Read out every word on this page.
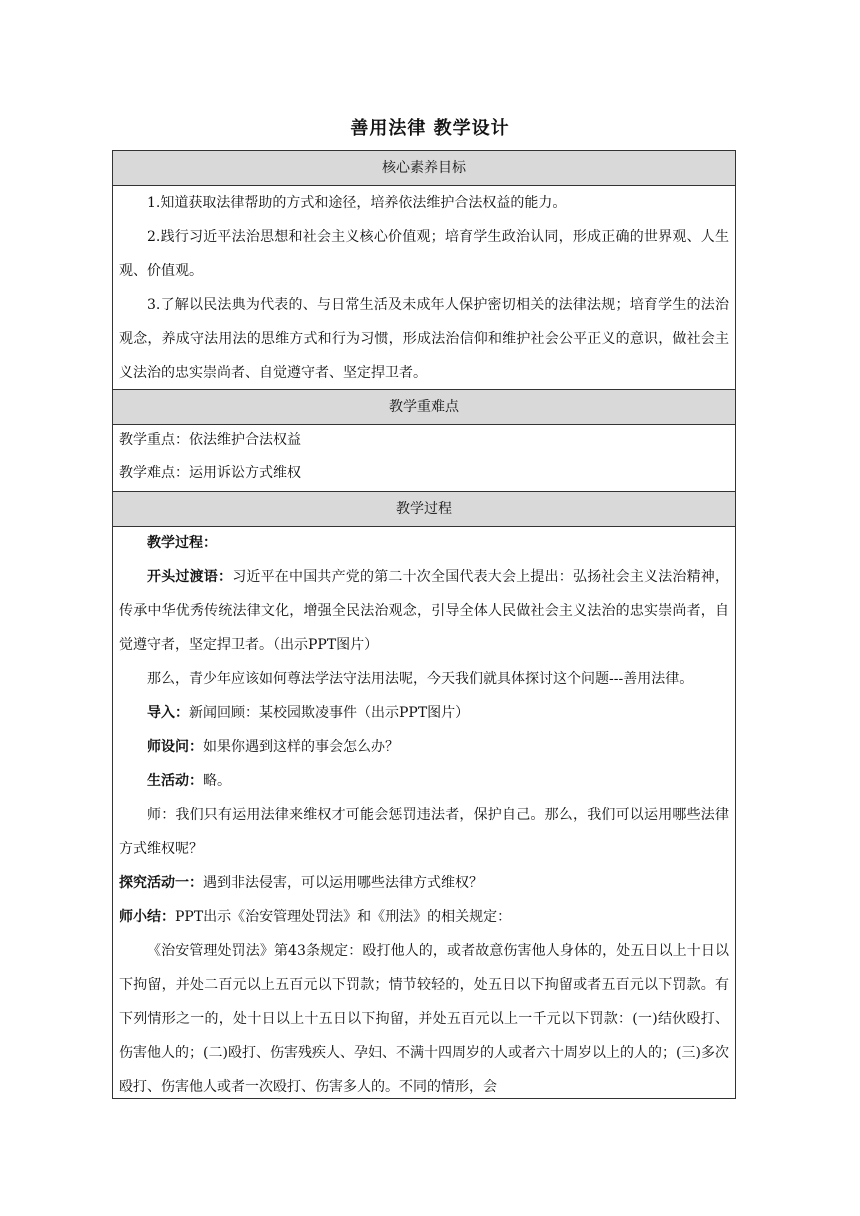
善用法律 教学设计
核心素养目标

1.知道获取法律帮助的方式和途径，培养依法维护合法权益的能力。

2.践行习近平法治思想和社会主义核心价值观；培育学生政治认同，形成正确的世界观、人生观、价值观。

3.了解以民法典为代表的、与日常生活及未成年人保护密切相关的法律法规；培育学生的法治观念，养成守法用法的思维方式和行为习惯，形成法治信仰和维护社会公平正义的意识，做社会主义法治的忠实崇尚者、自觉遵守者、坚定捍卫者。

教学重难点

教学重点：依法维护合法权益

教学难点：运用诉讼方式维权

教学过程

教学过程：

开头过渡语：习近平在中国共产党的第二十次全国代表大会上提出：弘扬社会主义法治精神，传承中华优秀传统法律文化，增强全民法治观念，引导全体人民做社会主义法治的忠实崇尚者，自觉遵守者，坚定捍卫者。（出示PPT图片）

那么，青少年应该如何尊法学法守法用法呢，今天我们就具体探讨这个问题---善用法律。

导入：新闻回顾：某校园欺凌事件（出示PPT图片）

师设问：如果你遇到这样的事会怎么办？

生活动：略。

师：我们只有运用法律来维权才可能会惩罚违法者，保护自己。那么，我们可以运用哪些法律方式维权呢？

探究活动一：遇到非法侵害，可以运用哪些法律方式维权？

师小结：PPT出示《治安管理处罚法》和《刑法》的相关规定：

《治安管理处罚法》第43条规定：殴打他人的，或者故意伤害他人身体的，处五日以上十日以下拘留，并处二百元以上五百元以下罚款；情节较轻的，处五日以下拘留或者五百元以下罚款。有下列情形之一的，处十日以上十五日以下拘留，并处五百元以上一千元以下罚款：(一)结伙殴打、伤害他人的；(二)殴打、伤害残疾人、孕妇、不满十四周岁的人或者六十周岁以上的人的；(三)多次殴打、伤害他人或者一次殴打、伤害多人的。不同的情形，会
